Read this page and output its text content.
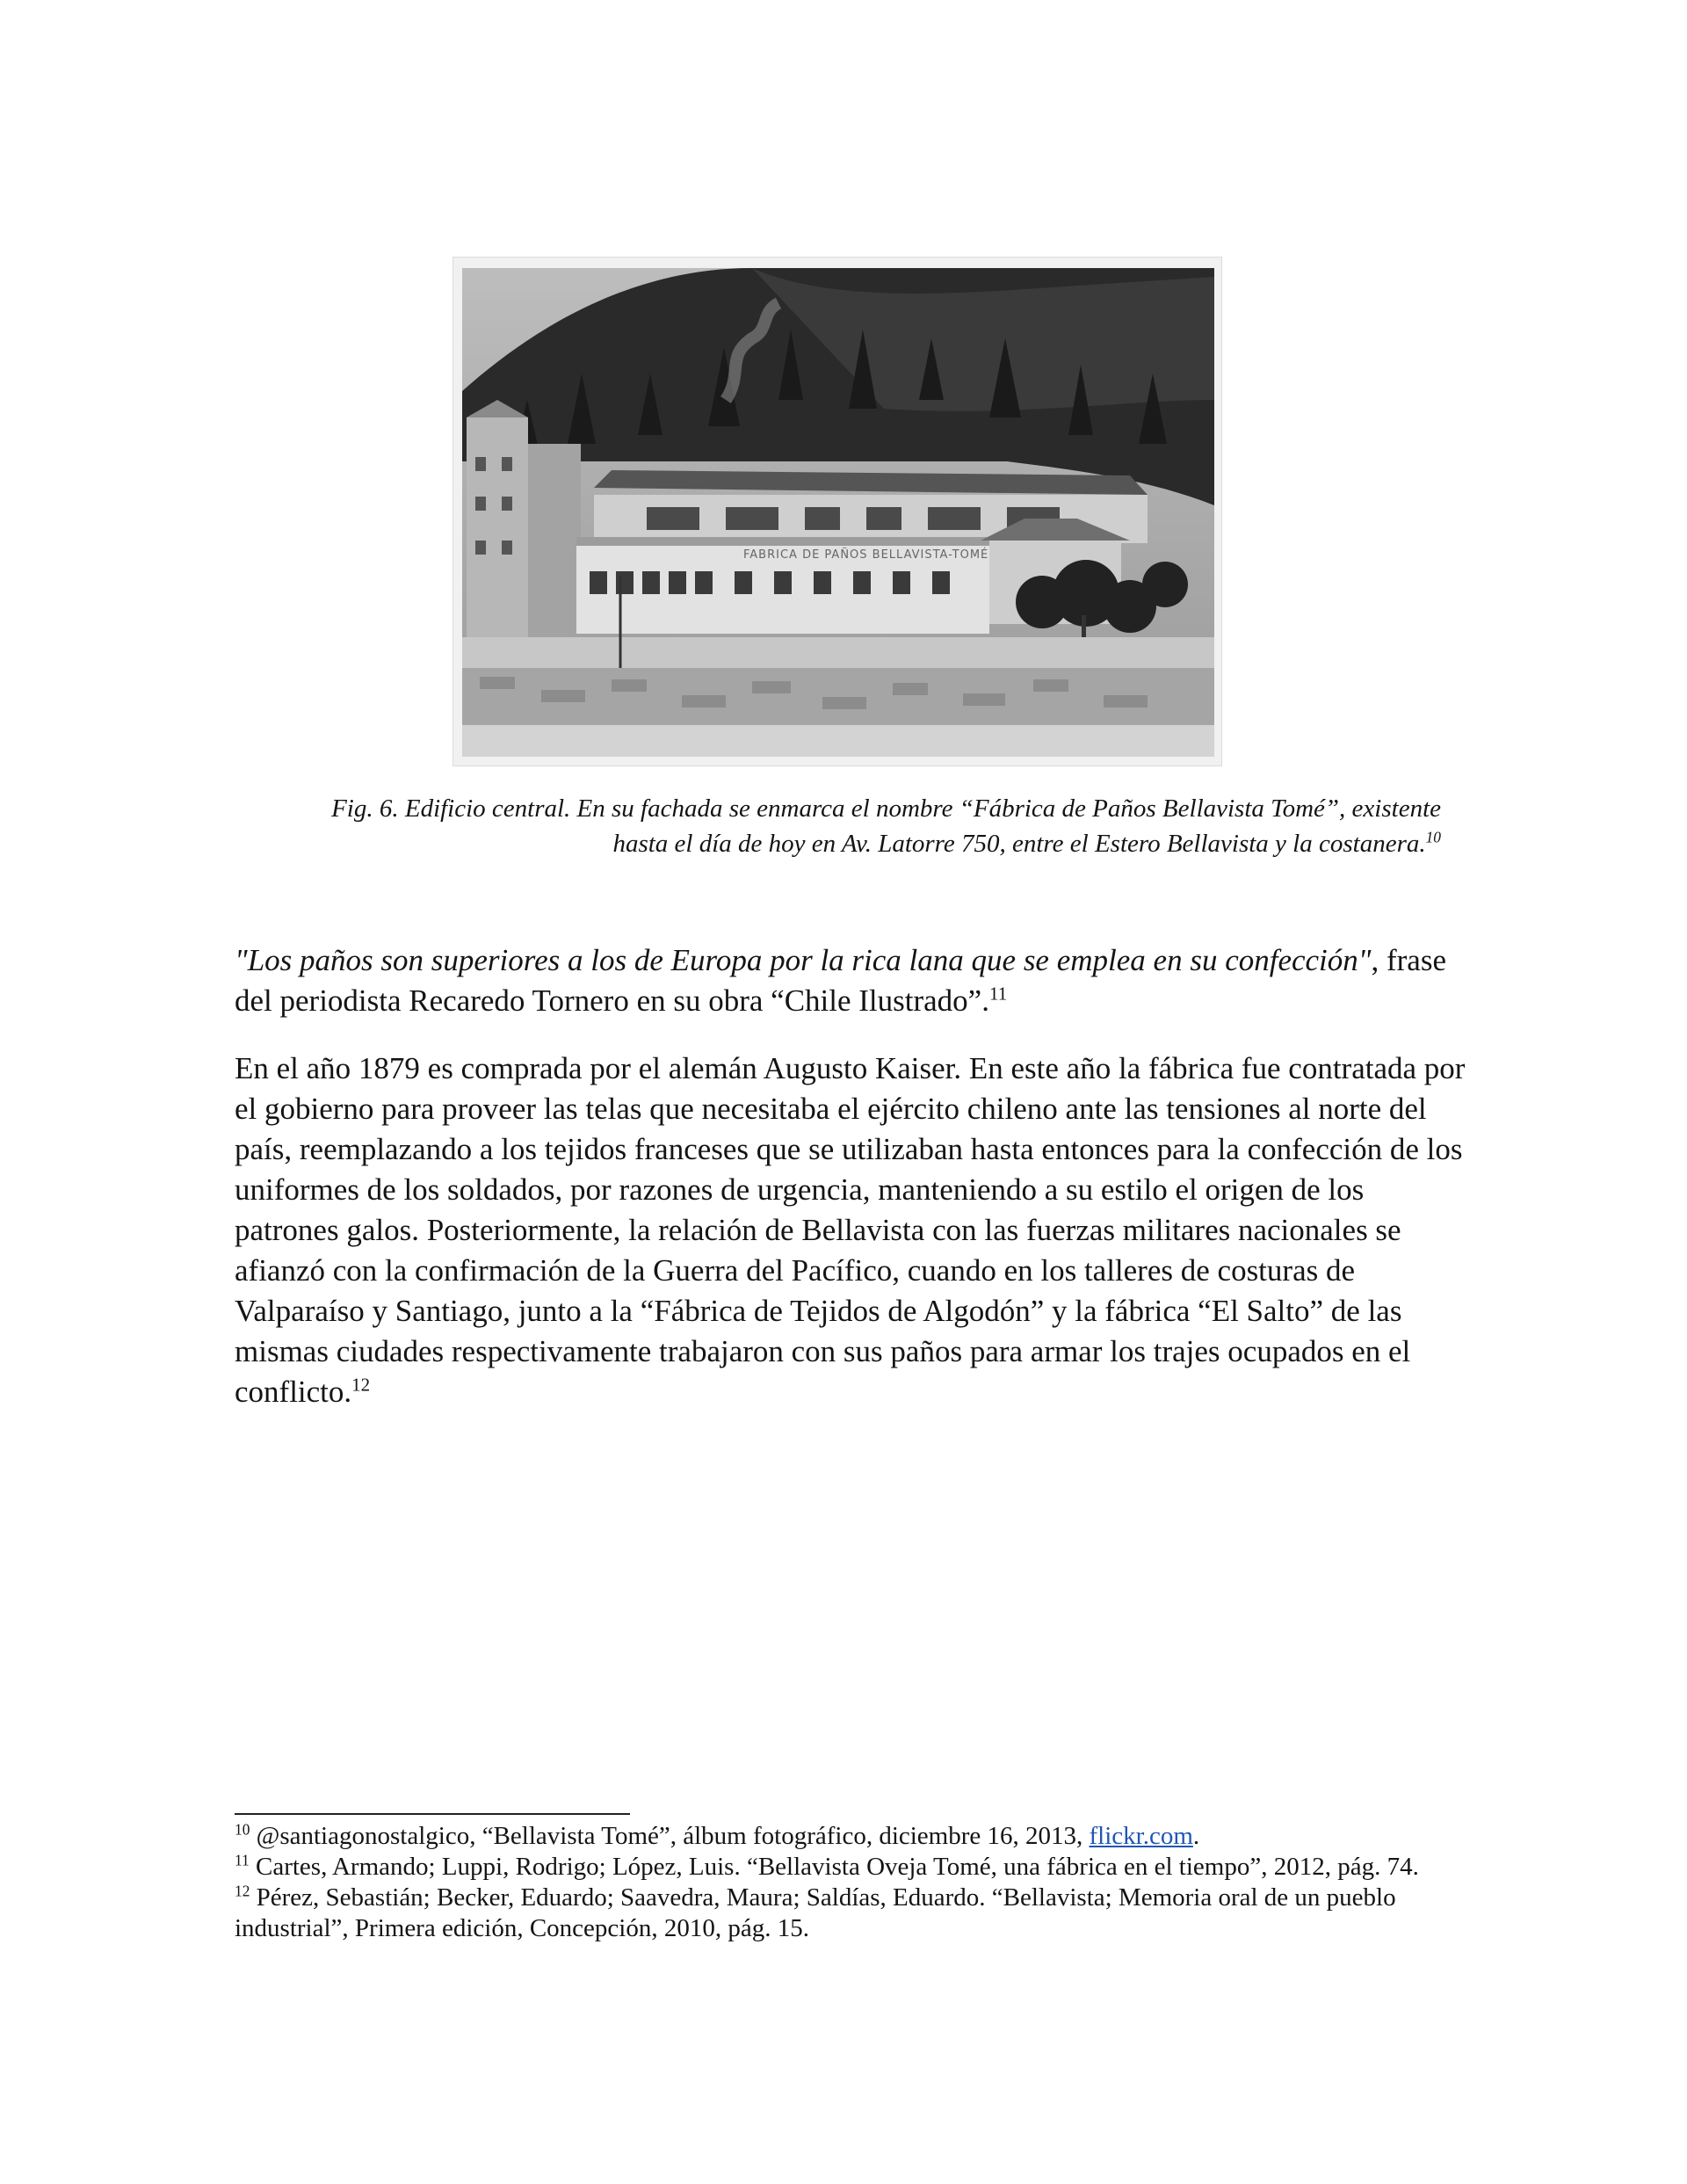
FABRICA DE PAÑOS BELLAVISTA-TOMÉ
Fig. 6. Edificio central. En su fachada se enmarca el nombre “Fábrica de Paños Bellavista Tomé”, existente
hasta el día de hoy en Av. Latorre 750, entre el Estero Bellavista y la costanera.$^{10}$
"Los paños son superiores a los de Europa por la rica lana que se emplea en su confección", frase del periodista Recaredo Tornero en su obra “Chile Ilustrado”.$^{11}$
En el año 1879 es comprada por el alemán Augusto Kaiser. En este año la fábrica fue contratada por el gobierno para proveer las telas que necesitaba el ejército chileno ante las tensiones al norte del país, reemplazando a los tejidos franceses que se utilizaban hasta entonces para la confección de los uniformes de los soldados, por razones de urgencia, manteniendo a su estilo el origen de los patrones galos. Posteriormente, la relación de Bellavista con las fuerzas militares nacionales se afianzó con la confirmación de la Guerra del Pacífico, cuando en los talleres de costuras de Valparaíso y Santiago, junto a la “Fábrica de Tejidos de Algodón” y la fábrica “El Salto” de las mismas ciudades respectivamente trabajaron con sus paños para armar los trajes ocupados en el conflicto.$^{12}$

$^{10}$ @santiagonostalgico, “Bellavista Tomé”, álbum fotográfico, diciembre 16, 2013, flickr.com.

$^{11}$ Cartes, Armando; Luppi, Rodrigo; López, Luis. “Bellavista Oveja Tomé, una fábrica en el tiempo”, 2012, pág. 74.

$^{12}$ Pérez, Sebastián; Becker, Eduardo; Saavedra, Maura; Saldías, Eduardo. “Bellavista; Memoria oral de un pueblo industrial”, Primera edición, Concepción, 2010, pág. 15.
